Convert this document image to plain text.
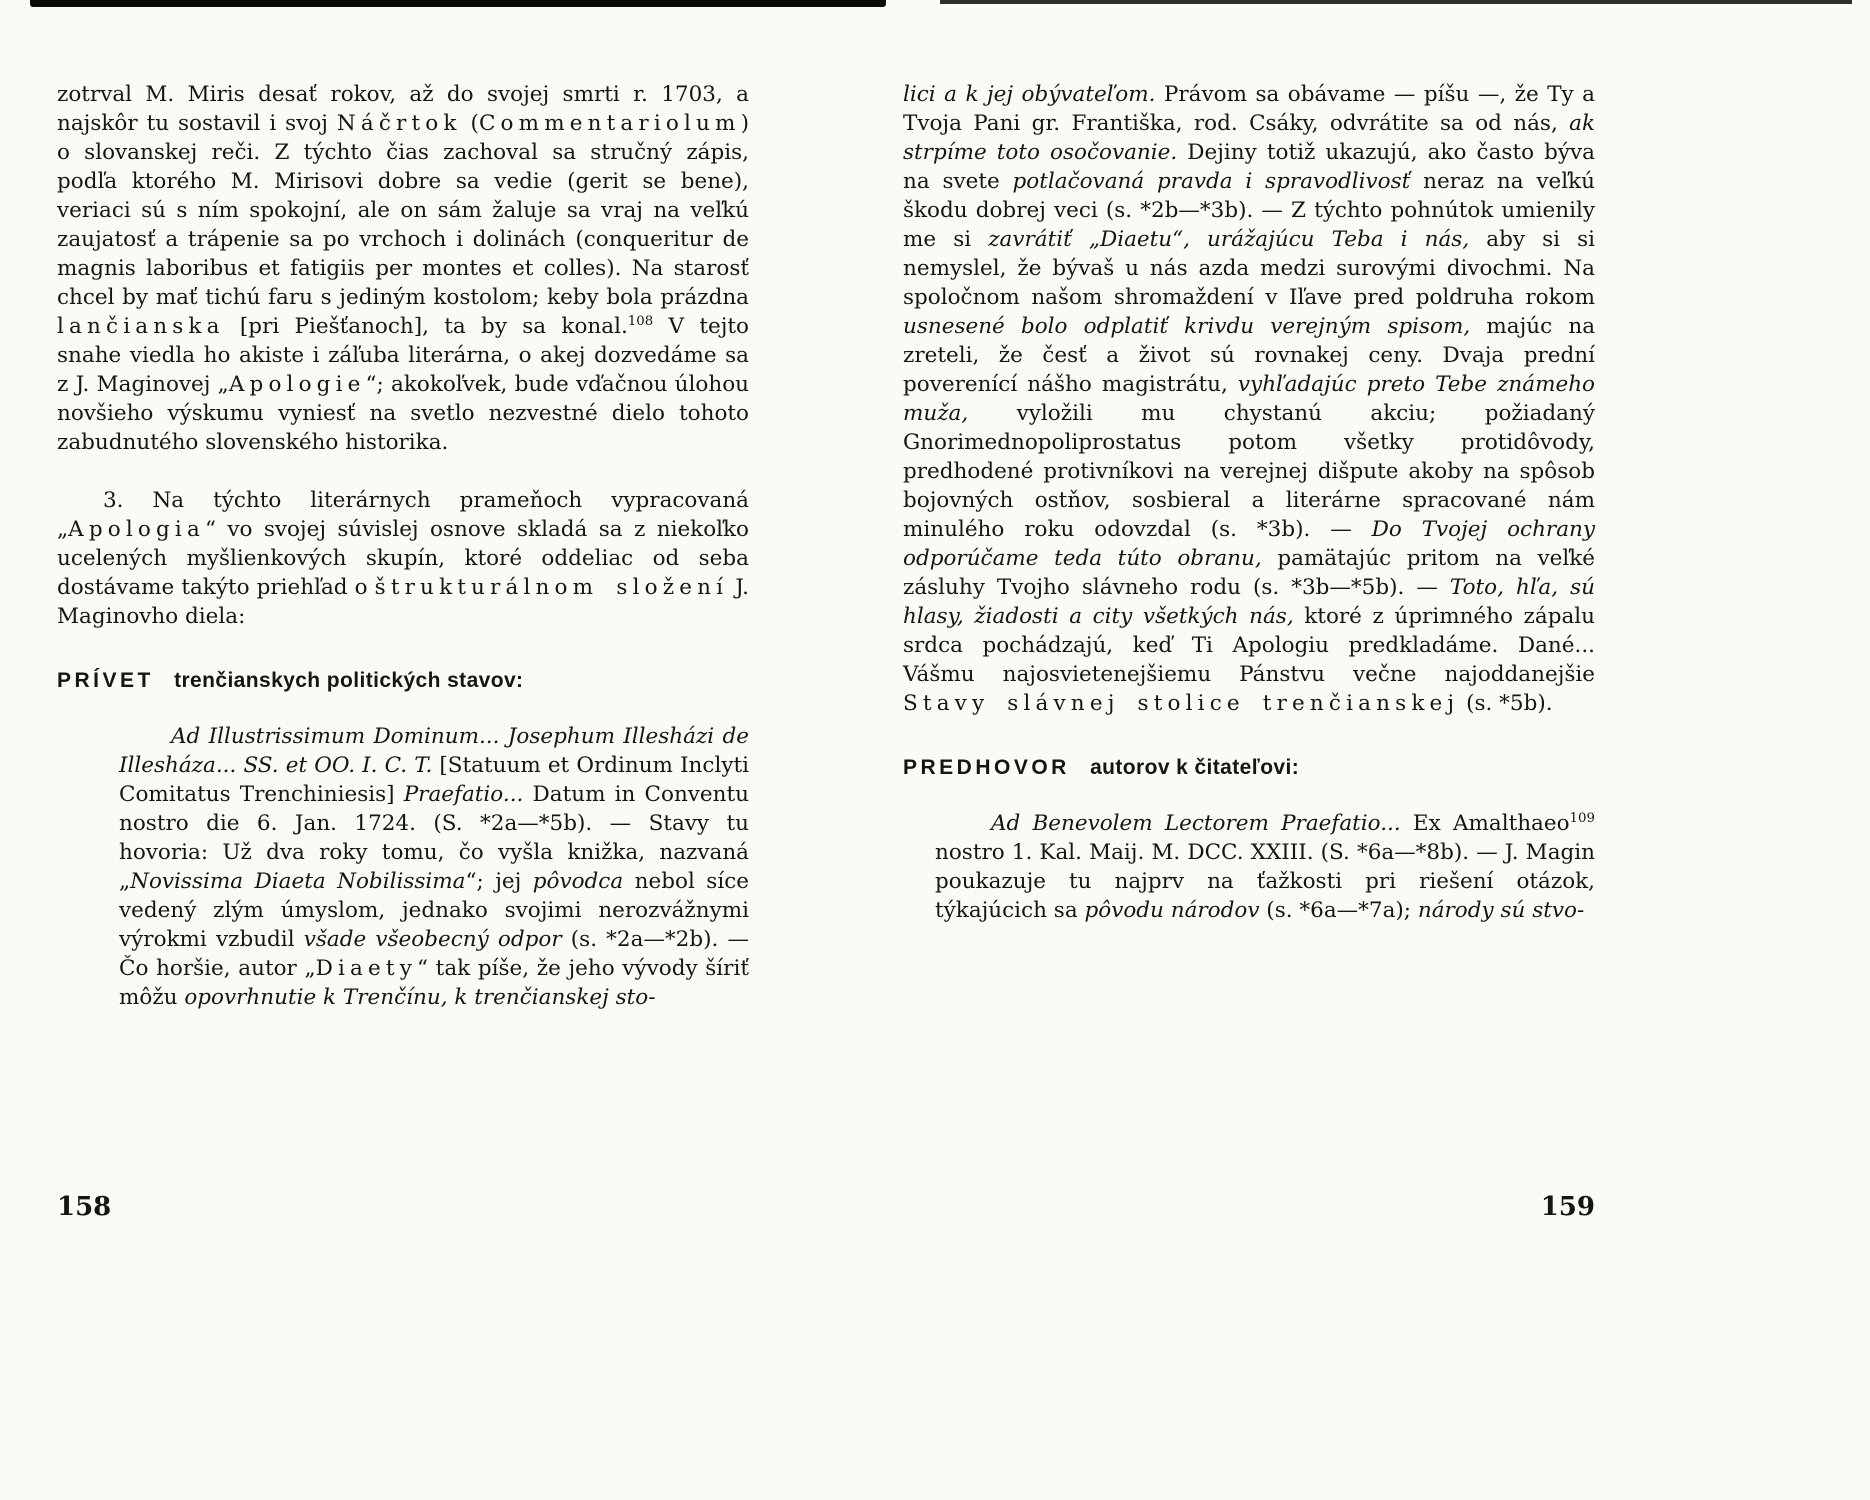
zotrval M. Miris desať rokov, až do svojej smrti r. 1703, a najskôr tu sostavil i svoj Náčrtok (Commentariolum) o slovanskej reči. Z týchto čias zachoval sa stručný zápis, podľa ktorého M. Mirisovi dobre sa vedie (gerit se bene), veriaci sú s ním spokojní, ale on sám žaluje sa vraj na veľkú zaujatosť a trápenie sa po vrchoch i dolinách (conqueritur de magnis laboribus et fatigiis per montes et colles). Na starosť chcel by mať tichú faru s jediným kostolom; keby bola prázdna lančianska [pri Piešťanoch], ta by sa konal.$^{108}$ V tejto snahe viedla ho akiste i záľuba literárna, o akej dozvedáme sa z J. Maginovej „Apologie“; akokoľvek, bude vďačnou úlohou novšieho výskumu vyniesť na svetlo nezvestné dielo tohoto zabudnutého slovenského historika.

3. Na týchto literárnych prameňoch vypracovaná „Apologia“ vo svojej súvislej osnove skladá sa z niekoľko ucelených myšlienkových skupín, ktoré oddeliac od seba dostávame takýto priehľad o štrukturálnom složení J. Maginovho diela:

PRÍVET trenčianskych politických stavov:

Ad Illustrissimum Dominum... Josephum Illesházi de Illesháza... SS. et OO. I. C. T. [Statuum et Ordinum Inclyti Comitatus Trenchiniesis] Praefatio... Datum in Conventu nostro die 6. Jan. 1724. (S. *2a—*5b). — Stavy tu hovoria: Už dva roky tomu, čo vyšla knižka, nazvaná „Novissima Diaeta Nobilissima“; jej pôvodca nebol síce vedený zlým úmyslom, jednako svojimi nerozvážnymi výrokmi vzbudil všade všeobecný odpor (s. *2a—*2b). — Čo horšie, autor „Diaety“ tak píše, že jeho vývody šíriť môžu opovrhnutie k Trenčínu, k trenčianskej sto-

lici a k jej obývateľom. Právom sa obávame — píšu —, že Ty a Tvoja Pani gr. Františka, rod. Csáky, odvrátite sa od nás, ak strpíme toto osočovanie. Dejiny totiž ukazujú, ako často býva na svete potlačovaná pravda i spravodlivosť neraz na veľkú škodu dobrej veci (s. *2b—*3b). — Z týchto pohnútok umienily me si zavrátiť „Diaetu“, urážajúcu Teba i nás, aby si si nemyslel, že bývaš u nás azda medzi surovými divochmi. Na spoločnom našom shromaždení v Iľave pred poldruha rokom usnesené bolo odplatiť krivdu verejným spisom, majúc na zreteli, že česť a život sú rovnakej ceny. Dvaja prední poverenící nášho magistrátu, vyhľadajúc preto Tebe známeho muža, vyložili mu chystanú akciu; požiadaný Gnorimednopoliprostatus potom všetky protidôvody, predhodené protivníkovi na verejnej dišpute akoby na spôsob bojovných ostňov, sosbieral a literárne spracované nám minulého roku odovzdal (s. *3b). — Do Tvojej ochrany odporúčame teda túto obranu, pamätajúc pritom na veľké zásluhy Tvojho slávneho rodu (s. *3b—*5b). — Toto, hľa, sú hlasy, žiadosti a city všetkých nás, ktoré z úprimného zápalu srdca pochádzajú, keď Ti Apologiu predkladáme. Dané... Vášmu najosvietenejšiemu Pánstvu večne najoddanejšie Stavy slávnej stolice trenčianskej (s. *5b).

PREDHOVOR autorov k čitateľovi:

Ad Benevolem Lectorem Praefatio... Ex Amalthaeo$^{109}$ nostro 1. Kal. Maij. M. DCC. XXIII. (S. *6a—*8b). — J. Magin poukazuje tu najprv na ťažkosti pri riešení otázok, týkajúcich sa pôvodu národov (s. *6a—*7a); národy sú stvo-

158	159
